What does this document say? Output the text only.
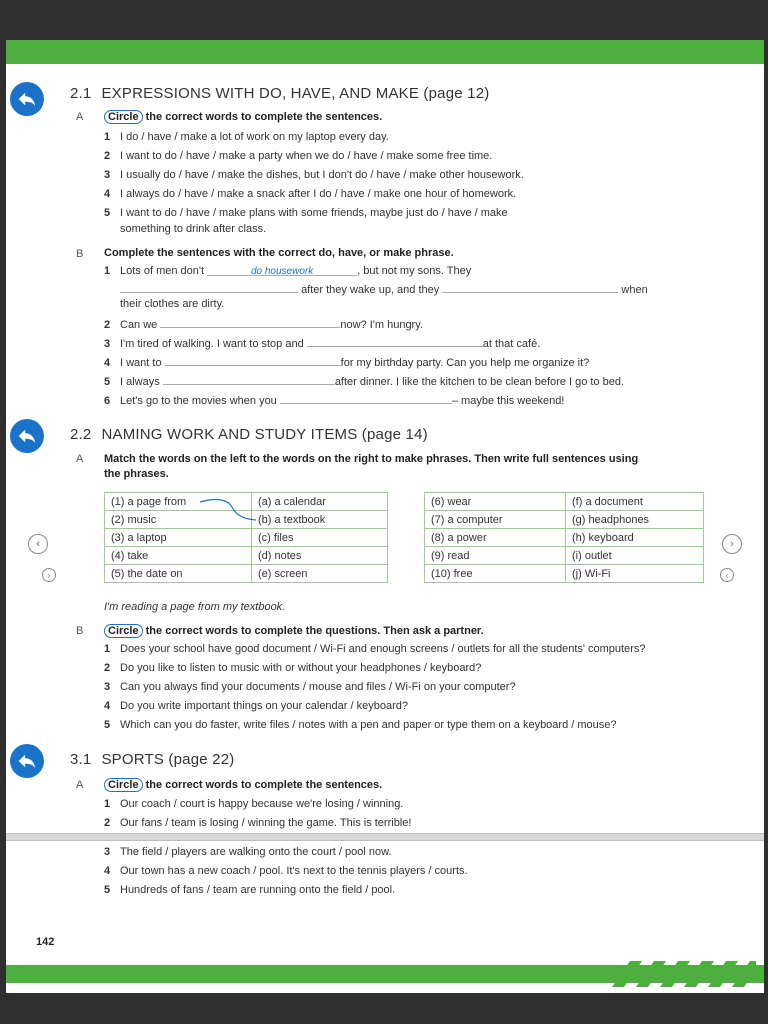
2.1 EXPRESSIONS WITH DO, HAVE, AND MAKE (page 12)
A	Circle the correct words to complete the sentences.
1 I do / have / make a lot of work on my laptop every day.
2 I want to do / have / make a party when we do / have / make some free time.
3 I usually do / have / make the dishes, but I don't do / have / make other housework.
4 I always do / have / make a snack after I do / have / make one hour of homework.
5 I want to do / have / make plans with some friends, maybe just do / have / make
something to drink after class.
B Complete the sentences with the correct do, have, or make phrase.
1 Lots of men don't	do housework	, but not my sons. They
after they wake up, and they	when
their clothes are dirty.
2 Can we	now? I'm hungry.
3 I'm tired of walking. I want to stop and	at that café.
4 I want to	for my birthday party. Can you help me organize it?
5 I always	after dinner. I like the kitchen to be clean before I go to bed.
6 Let's go to the movies when you	– maybe this weekend!
2.2 NAMING WORK AND STUDY ITEMS (page 14)
A Match the words on the left to the words on the right to make phrases. Then write full sentences using
the phrases.
(1) a page from	(a) a calendar
(2) music	(b) a textbook
(3) a laptop	(c) files
(4) take	(d) notes
(5) the date on	(e) screen
(6) wear	(f) a document
(7) a computer	(g) headphones
(8) a power	(h) keyboard
(9) read	(i) outlet
(10) free	(j) Wi-Fi
‹
›
›
‹
I'm reading a page from my textbook.
B	Circle the correct words to complete the questions. Then ask a partner.
1 Does your school have good document / Wi-Fi and enough screens / outlets for all the students' computers?
2 Do you like to listen to music with or without your headphones / keyboard?
3 Can you always find your documents / mouse and files / Wi-Fi on your computer?
4 Do you write important things on your calendar / keyboard?
5 Which can you do faster, write files / notes with a pen and paper or type them on a keyboard / mouse?
3.1 SPORTS (page 22)
A	Circle the correct words to complete the sentences.
1 Our coach / court is happy because we're losing / winning.
2 Our fans / team is losing / winning the game. This is terrible!
3 The field / players are walking onto the court / pool now.
4 Our town has a new coach / pool. It's next to the tennis players / courts.
5 Hundreds of fans / team are running onto the field / pool.
142
